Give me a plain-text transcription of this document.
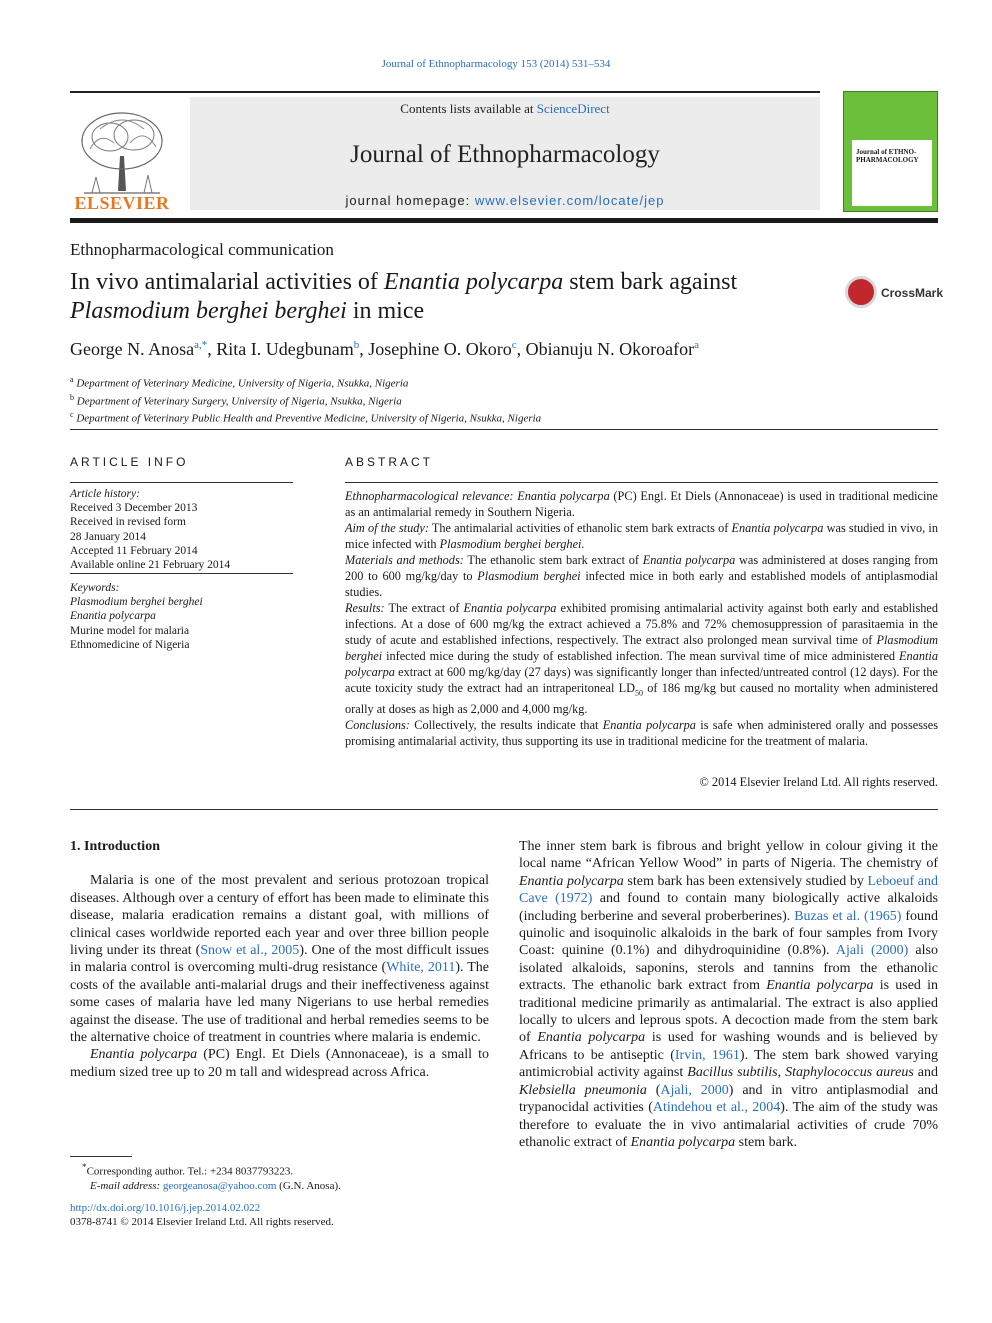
Journal of Ethnopharmacology 153 (2014) 531–534
ELSEVIER
Contents lists available at ScienceDirect
Journal of Ethnopharmacology
journal homepage: www.elsevier.com/locate/jep
Journal of ETHNO-PHARMACOLOGY
Ethnopharmacological communication
In vivo antimalarial activities of Enantia polycarpa stem bark against
Plasmodium berghei berghei in mice
CrossMark
George N. Anosa$^{a,*}$, Rita I. Udegbunam$^b$, Josephine O. Okoro$^c$, Obianuju N. Okoroafor$^a$
$^a$ Department of Veterinary Medicine, University of Nigeria, Nsukka, Nigeria
$^b$ Department of Veterinary Surgery, University of Nigeria, Nsukka, Nigeria
$^c$ Department of Veterinary Public Health and Preventive Medicine, University of Nigeria, Nsukka, Nigeria
ARTICLE INFO
Article history:
Received 3 December 2013
Received in revised form
28 January 2014
Accepted 11 February 2014
Available online 21 February 2014
Keywords:
Plasmodium berghei berghei
Enantia polycarpa
Murine model for malaria
Ethnomedicine of Nigeria
ABSTRACT

Ethnopharmacological relevance: Enantia polycarpa (PC) Engl. Et Diels (Annonaceae) is used in traditional medicine as an antimalarial remedy in Southern Nigeria.

Aim of the study: The antimalarial activities of ethanolic stem bark extracts of Enantia polycarpa was studied in vivo, in mice infected with Plasmodium berghei berghei.

Materials and methods: The ethanolic stem bark extract of Enantia polycarpa was administered at doses ranging from 200 to 600 mg/kg/day to Plasmodium berghei infected mice in both early and established models of antiplasmodial studies.

Results: The extract of Enantia polycarpa exhibited promising antimalarial activity against both early and established infections. At a dose of 600 mg/kg the extract achieved a 75.8% and 72% chemosuppression of parasitaemia in the study of acute and established infections, respectively. The extract also prolonged mean survival time of Plasmodium berghei infected mice during the study of established infection. The mean survival time of mice administered Enantia polycarpa extract at 600 mg/kg/day (27 days) was significantly longer than infected/untreated control (12 days). For the acute toxicity study the extract had an intraperitoneal $LD_{50}$ of 186 mg/kg but caused no mortality when administered orally at doses as high as 2,000 and 4,000 mg/kg.

Conclusions: Collectively, the results indicate that Enantia polycarpa is safe when administered orally and possesses promising antimalarial activity, thus supporting its use in traditional medicine for the treatment of malaria.

© 2014 Elsevier Ireland Ltd. All rights reserved.

1. Introduction

Malaria is one of the most prevalent and serious protozoan tropical diseases. Although over a century of effort has been made to eliminate this disease, malaria eradication remains a distant goal, with millions of clinical cases worldwide reported each year and over three billion people living under its threat (Snow et al., 2005). One of the most difficult issues in malaria control is overcoming multi-drug resistance (White, 2011). The costs of the available anti-malarial drugs and their ineffectiveness against some cases of malaria have led many Nigerians to use herbal remedies against the disease. The use of traditional and herbal remedies seems to be the alternative choice of treatment in countries where malaria is endemic.

Enantia polycarpa (PC) Engl. Et Diels (Annonaceae), is a small to medium sized tree up to 20 m tall and widespread across Africa.

The inner stem bark is fibrous and bright yellow in colour giving it the local name “African Yellow Wood” in parts of Nigeria. The chemistry of Enantia polycarpa stem bark has been extensively studied by Leboeuf and Cave (1972) and found to contain many biologically active alkaloids (including berberine and several proberberines). Buzas et al. (1965) found quinolic and isoquinolic alkaloids in the bark of four samples from Ivory Coast: quinine (0.1%) and dihydroquinidine (0.8%). Ajali (2000) also isolated alkaloids, saponins, sterols and tannins from the ethanolic extracts. The ethanolic bark extract from Enantia polycarpa is used in traditional medicine primarily as antimalarial. The extract is also applied locally to ulcers and leprous spots. A decoction made from the stem bark of Enantia polycarpa is used for washing wounds and is believed by Africans to be antiseptic (Irvin, 1961). The stem bark showed varying antimicrobial activity against Bacillus subtilis, Staphylococcus aureus and Klebsiella pneumonia (Ajali, 2000) and in vitro antiplasmodial and trypanocidal activities (Atindehou et al., 2004). The aim of the study was therefore to evaluate the in vivo antimalarial activities of crude 70% ethanolic extract of Enantia polycarpa stem bark.

*Corresponding author. Tel.: +234 8037793223.
E-mail address: georgeanosa@yahoo.com (G.N. Anosa).
http://dx.doi.org/10.1016/j.jep.2014.02.022
0378-8741 © 2014 Elsevier Ireland Ltd. All rights reserved.
